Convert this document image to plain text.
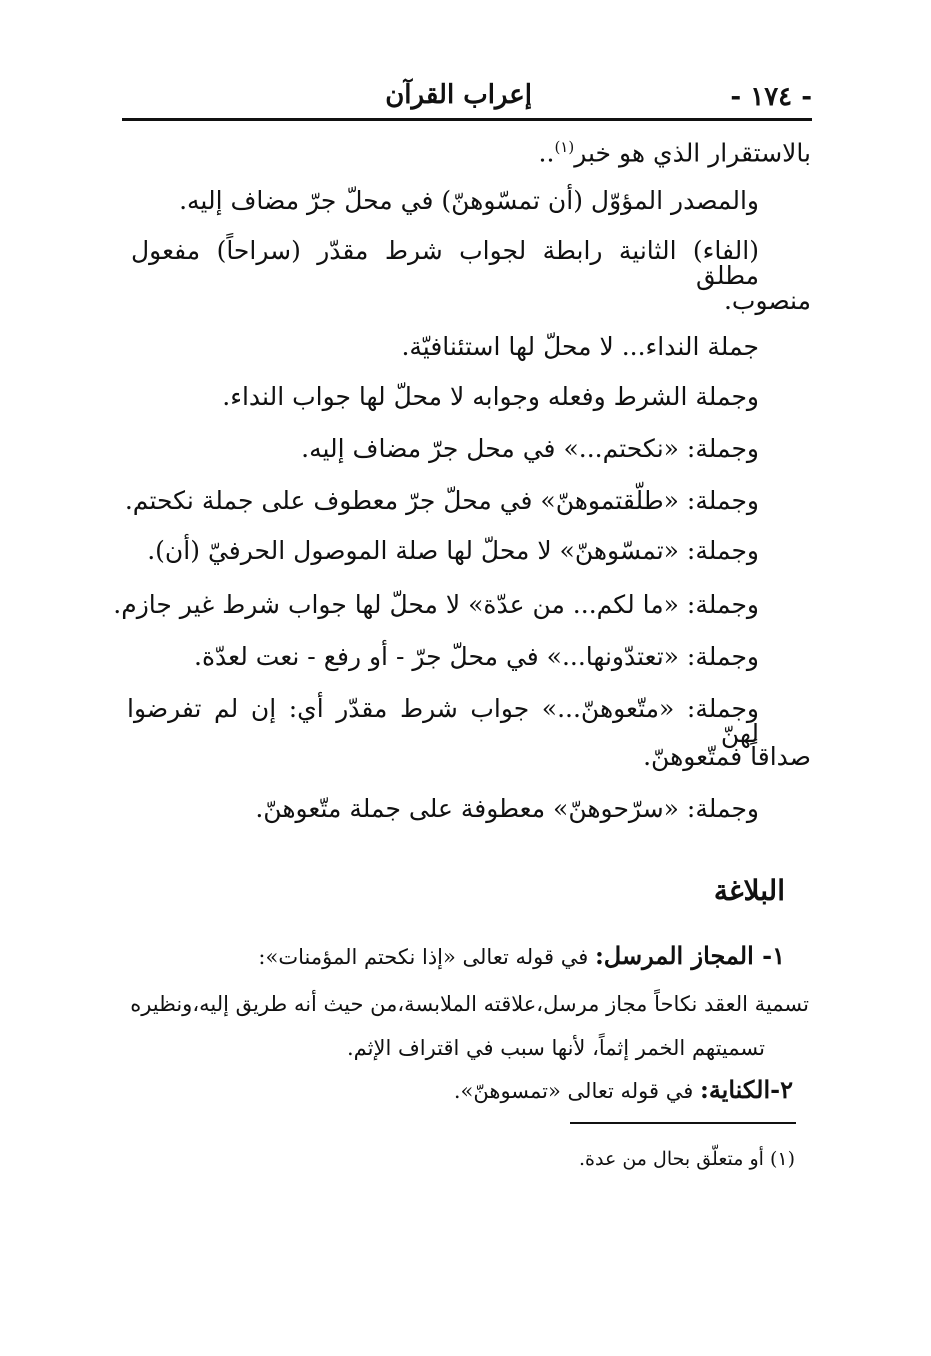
- ١٧٤ -
إعراب القرآن
بالاستقرار الذي هو خبر$^{(١)}$..
والمصدر المؤوّل (أن تمسّوهنّ) في محلّ جرّ مضاف إليه.
(الفاء) الثانية رابطة لجواب شرط مقدّر (سراحاً) مفعول مطلق
منصوب.
جملة النداء... لا محلّ لها استئنافيّة.
وجملة الشرط وفعله وجوابه لا محلّ لها جواب النداء.
وجملة: «نكحتم...» في محل جرّ مضاف إليه.
وجملة: «طلّقتموهنّ» في محلّ جرّ معطوف على جملة نكحتم.
وجملة: «تمسّوهنّ» لا محلّ لها صلة الموصول الحرفيّ (أن).
وجملة: «ما لكم... من عدّة» لا محلّ لها جواب شرط غير جازم.
وجملة: «تعتدّونها...» في محلّ جرّ - أو رفع - نعت لعدّة.
وجملة: «متّعوهنّ...» جواب شرط مقدّر أي: إن لم تفرضوا لهنّ
صداقاً فمتّعوهنّ.
وجملة: «سرّحوهنّ» معطوفة على جملة متّعوهنّ.
البلاغة
١- المجاز المرسل: في قوله تعالى «إذا نكحتم المؤمنات»:
تسمية العقد نكاحاً مجاز مرسل،علاقته الملابسة،من حيث أنه طريق إليه،ونظيره
تسميتهم الخمر إثماً، لأنها سبب في اقتراف الإثم.
٢-الكناية: في قوله تعالى «تمسوهنّ».
(١) أو متعلّق بحال من عدة.
